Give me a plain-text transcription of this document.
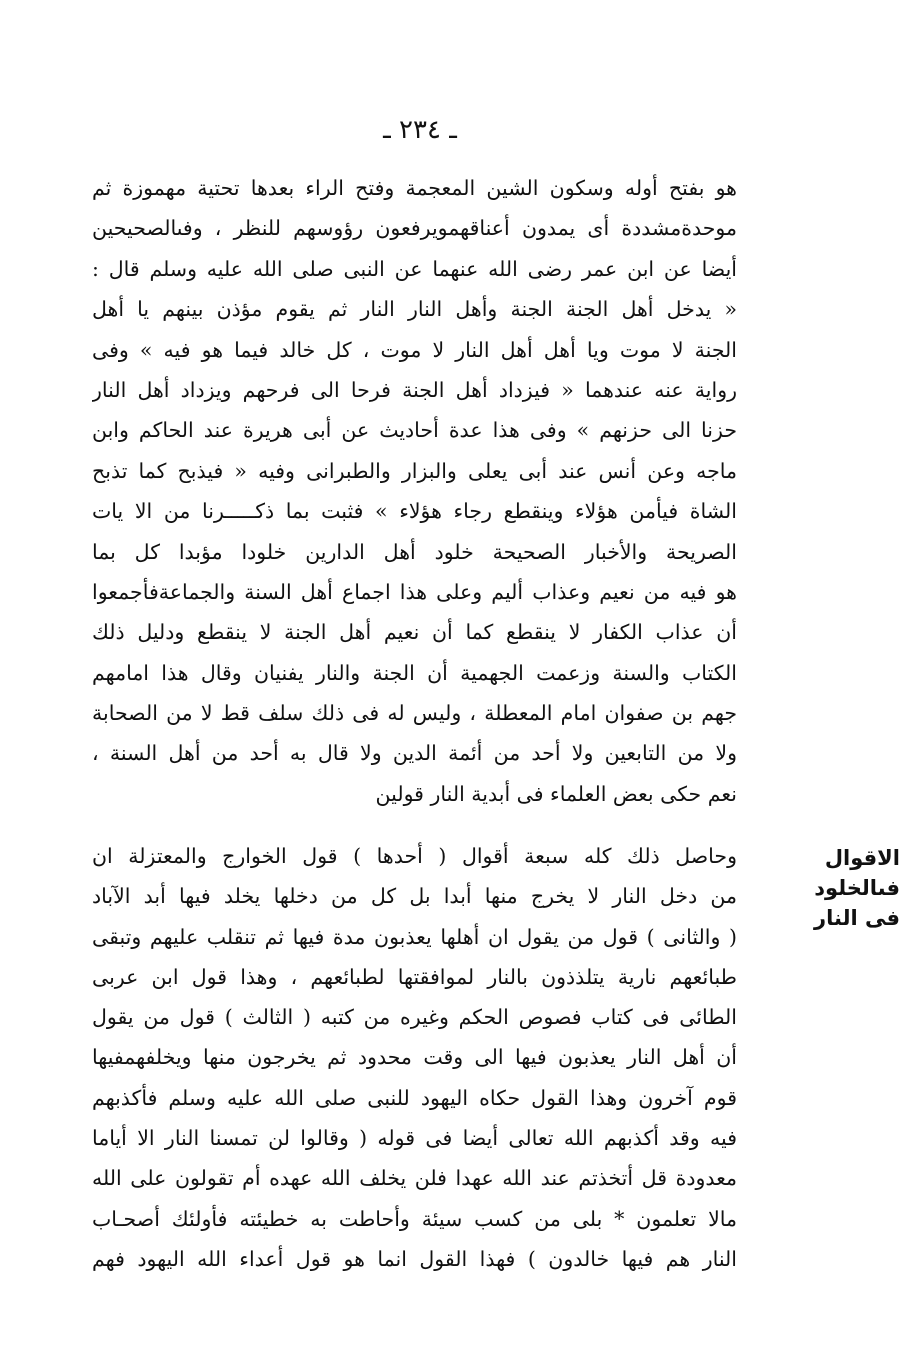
ـ ٢٣٤ ـ
هو بفتح أوله وسكون الشين المعجمة وفتح الراء بعدها تحتية مهموزة ثم
موحدةمشددة أى يمدون أعناقهمويرفعون رؤوسهم للنظر ، وفىالصحيحين
أيضا عن ابن عمر رضى الله عنهما عن النبى صلى الله عليه وسلم قال :
« يدخل أهل الجنة الجنة وأهل النار النار ثم يقوم مؤذن بينهم يا أهل
الجنة لا موت ويا أهل أهل النار لا موت ، كل خالد فيما هو فيه » وفى
رواية عنه عندهما « فيزداد أهل الجنة فرحا الى فرحهم ويزداد أهل النار
حزنا الى حزنهم » وفى هذا عدة أحاديث عن أبى هريرة عند الحاكم وابن
ماجه وعن أنس عند أبى يعلى والبزار والطبرانى وفيه « فيذبح كما تذبح
الشاة فيأمن هؤلاء وينقطع رجاء هؤلاء » فثبت بما ذكـــــرنا من الا يات
الصريحة والأخبار الصحيحة خلود أهل الدارين خلودا مؤبدا كل بما
هو فيه من نعيم وعذاب أليم وعلى هذا اجماع أهل السنة والجماعةفأجمعوا
أن عذاب الكفار لا ينقطع كما أن نعيم أهل الجنة لا ينقطع ودليل ذلك
الكتاب والسنة وزعمت الجهمية أن الجنة والنار يفنيان وقال هذا امامهم
جهم بن صفوان امام المعطلة ، وليس له فى ذلك سلف قط لا من الصحابة
ولا من التابعين ولا أحد من أئمة الدين ولا قال به أحد من أهل السنة ،
نعم حكى بعض العلماء فى أبدية النار قولين
الاقوال فىالخلود
فى النار
وحاصل ذلك كله سبعة أقوال ( أحدها ) قول الخوارج والمعتزلة ان
من دخل النار لا يخرج منها أبدا بل كل من دخلها يخلد فيها أبد الآباد
( والثانى ) قول من يقول ان أهلها يعذبون مدة فيها ثم تنقلب عليهم وتبقى
طبائعهم نارية يتلذذون بالنار لموافقتها لطبائعهم ، وهذا قول ابن عربى
الطائى فى كتاب فصوص الحكم وغيره من كتبه ( الثالث ) قول من يقول
أن أهل النار يعذبون فيها الى وقت محدود ثم يخرجون منها ويخلفهمفيها
قوم آخرون وهذا القول حكاه اليهود للنبى صلى الله عليه وسلم فأكذبهم
فيه وقد أكذبهم الله تعالى أيضا فى قوله ( وقالوا لن تمسنا النار الا أياما
معدودة قل أتخذتم عند الله عهدا فلن يخلف الله عهده أم تقولون على الله
مالا تعلمون * بلى من كسب سيئة وأحاطت به خطيئته فأولئك أصحـاب
النار هم فيها خالدون ) فهذا القول انما هو قول أعداء الله اليهود فهم
